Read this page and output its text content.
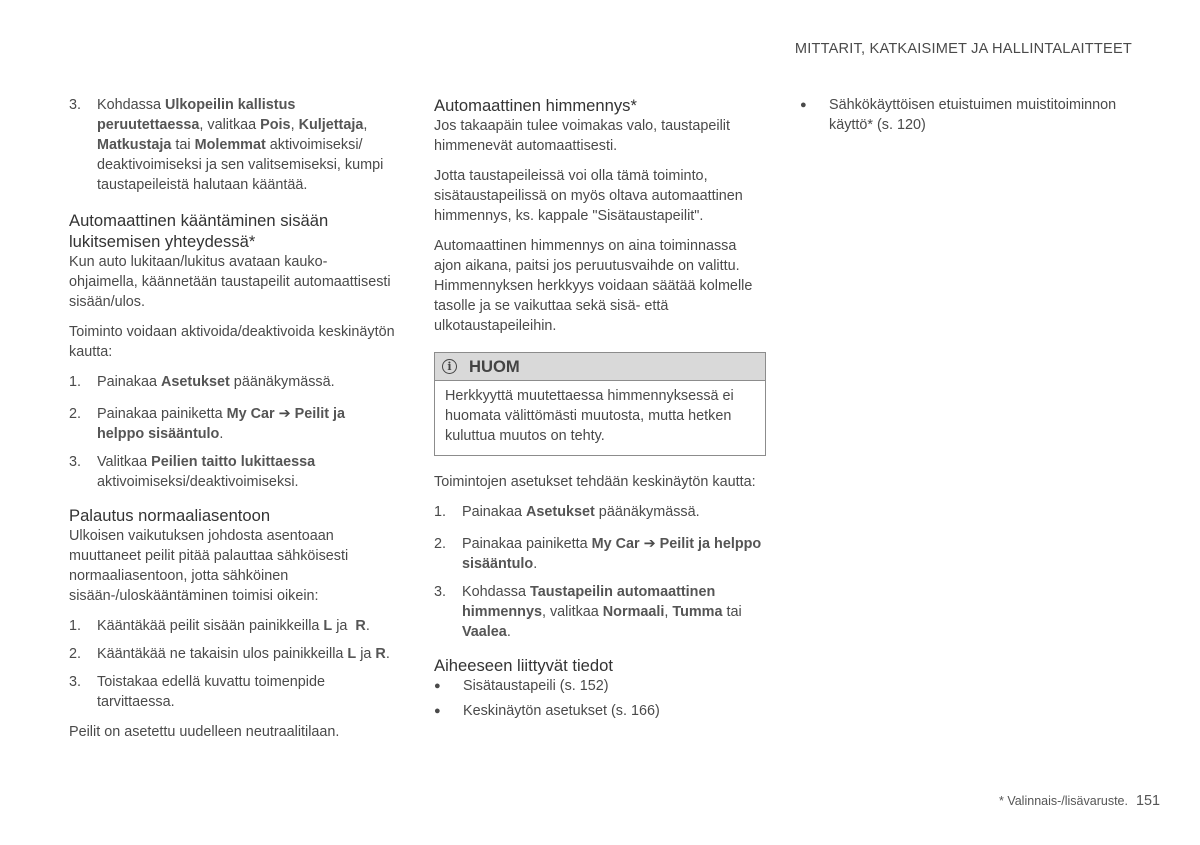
MITTARIT, KATKAISIMET JA HALLINTALAITTEET
3.	Kohdassa Ulkopeilin kallistus peruutettaessa, valitkaa Pois, Kuljettaja, Matkustaja tai Molemmat aktivoimiseksi/ deaktivoimiseksi ja sen valitsemiseksi, kumpi taustapeileistä halutaan kääntää.
Automaattinen kääntäminen sisään lukitsemisen yhteydessä*

Kun auto lukitaan/lukitus avataan kauko-ohjaimella, käännetään taustapeilit automaattisesti sisään/ulos.

Toiminto voidaan aktivoida/deaktivoida keskinäytön kautta:

1.	Painakaa Asetukset päänäkymässä.
2.	Painakaa painiketta My Car ➔ Peilit ja helppo sisääntulo.
3.	Valitkaa Peilien taitto lukittaessa aktivoimiseksi/deaktivoimiseksi.
Palautus normaaliasentoon

Ulkoisen vaikutuksen johdosta asentoaan muuttaneet peilit pitää palauttaa sähköisesti normaaliasentoon, jotta sähköinen sisään-/uloskääntäminen toimisi oikein:

1.	Kääntäkää peilit sisään painikkeilla L ja  R.
2.	Kääntäkää ne takaisin ulos painikkeilla L ja R.
3.	Toistakaa edellä kuvattu toimenpide tarvittaessa.

Peilit on asetettu uudelleen neutraalitilaan.

Automaattinen himmennys*

Jos takaapäin tulee voimakas valo, taustapeilit himmenevät automaattisesti.

Jotta taustapeileissä voi olla tämä toiminto, sisätaustapeilissä on myös oltava automaattinen himmennys, ks. kappale "Sisätaustapeilit".

Automaattinen himmennys on aina toiminnassa ajon aikana, paitsi jos peruutusvaihde on valittu. Himmennyksen herkkyys voidaan säätää kolmelle tasolle ja se vaikuttaa sekä sisä- että ulkotaustapeileihin.

i	HUOM
Herkkyyttä muutettaessa himmennyksessä ei huomata välittömästi muutosta, mutta hetken kuluttua muutos on tehty.

Toimintojen asetukset tehdään keskinäytön kautta:

1.	Painakaa Asetukset päänäkymässä.
2.	Painakaa painiketta My Car ➔ Peilit ja helppo sisääntulo.
3.	Kohdassa Taustapeilin automaattinen himmennys, valitkaa Normaali, Tumma tai Vaalea.
Aiheeseen liittyvät tiedot
●	Sisätaustapeili (s. 152)
●	Keskinäytön asetukset (s. 166)
●	Sähkökäyttöisen etuistuimen muistitoiminnon käyttö* (s. 120)
* Valinnais-/lisävaruste. 151
